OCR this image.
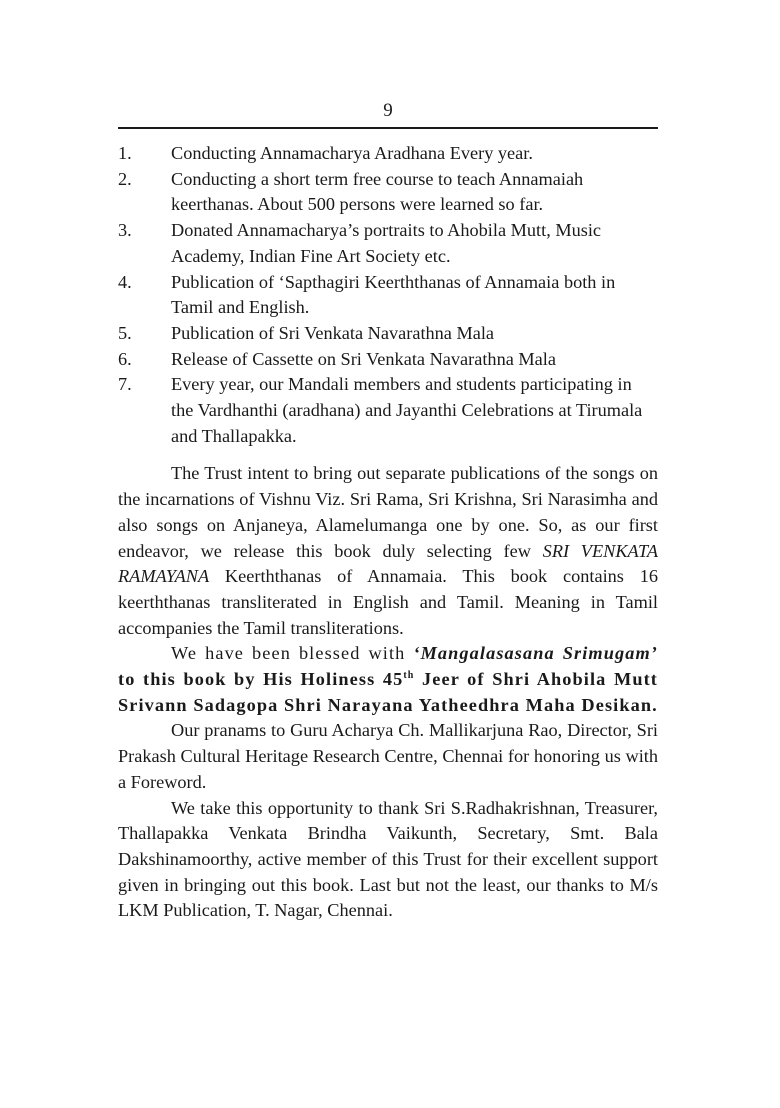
9
1.	Conducting Annamacharya Aradhana Every year.
2.	Conducting a short term free course to teach Annamaiah keerthanas. About 500 persons were learned so far.
3.	Donated Annamacharya’s portraits to Ahobila Mutt, Music Academy, Indian Fine Art Society etc.
4.	Publication of ‘Sapthagiri Keerththanas of Annamaia both in Tamil and English.
5.	Publication of Sri Venkata Navarathna Mala
6.	Release of Cassette on Sri Venkata Navarathna Mala
7.	Every year, our Mandali members and students participating in the Vardhanthi (aradhana) and Jayanthi Celebrations at Tirumala and Thallapakka.

The Trust intent to bring out separate publications of the songs on the incarnations of Vishnu Viz. Sri Rama, Sri Krishna, Sri Narasimha and also songs on Anjaneya, Alamelumanga one by one. So, as our first endeavor, we release this book duly selecting few SRI VENKATA RAMAYANA Keerththanas of Annamaia. This book contains 16 keerththanas transliterated in English and Tamil. Meaning in Tamil accompanies the Tamil transliterations.

We have been blessed with ‘Mangalasasana Srimugam’ to this book by His Holiness 45th Jeer of Shri Ahobila Mutt Srivann Sadagopa Shri Narayana Yatheedhra Maha Desikan.

Our pranams to Guru Acharya Ch. Mallikarjuna Rao, Director, Sri Prakash Cultural Heritage Research Centre, Chennai for honoring us with a Foreword.

We take this opportunity to thank Sri S.Radhakrishnan, Treasurer, Thallapakka Venkata Brindha Vaikunth, Secretary, Smt. Bala Dakshinamoorthy, active member of this Trust for their excellent support given in bringing out this book. Last but not the least, our thanks to M/s LKM Publication, T. Nagar, Chennai.
